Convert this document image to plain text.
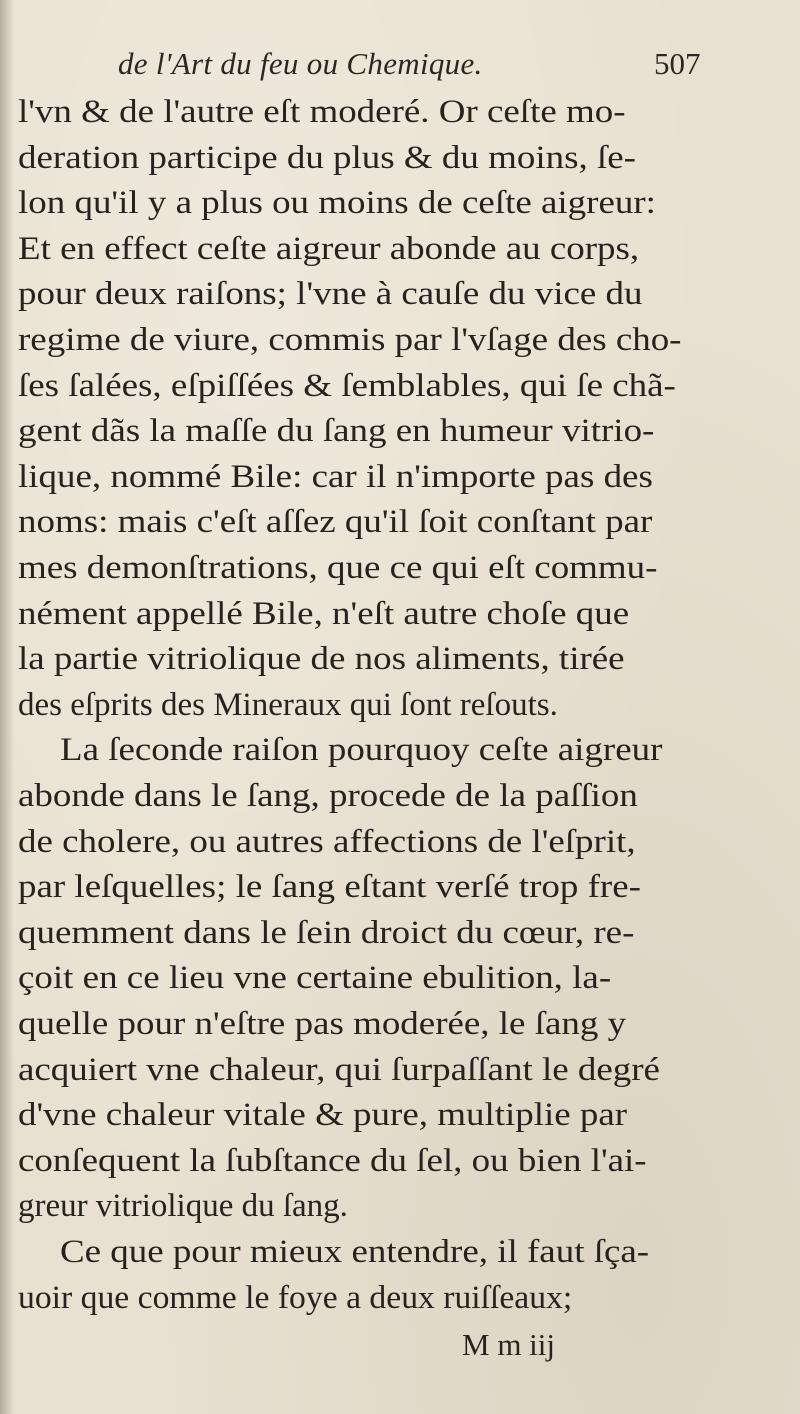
de l'Art du feu ou Chemique.	507
l'vn & de l'autre eſt moderé. Or ceſte mo-
deration participe du plus & du moins, ſe-
lon qu'il y a plus ou moins de ceſte aigreur:
Et en effect ceſte aigreur abonde au corps,
pour deux raiſons; l'vne à cauſe du vice du
regime de viure, commis par l'vſage des cho-
ſes ſalées, eſpiſſées & ſemblables, qui ſe chã-
gent dãs la maſſe du ſang en humeur vitrio-
lique, nommé Bile: car il n'importe pas des
noms: mais c'eſt aſſez qu'il ſoit conſtant par
mes demonſtrations, que ce qui eſt commu-
nément appellé Bile, n'eſt autre choſe que
la partie vitriolique de nos aliments, tirée
des eſprits des Mineraux qui ſont reſouts.
La ſeconde raiſon pourquoy ceſte aigreur
abonde dans le ſang, procede de la paſſion
de cholere, ou autres affections de l'eſprit,
par leſquelles; le ſang eſtant verſé trop fre-
quemment dans le ſein droict du cœur, re-
çoit en ce lieu vne certaine ebulition, la-
quelle pour n'eſtre pas moderée, le ſang y
acquiert vne chaleur, qui ſurpaſſant le degré
d'vne chaleur vitale & pure, multiplie par
conſequent la ſubſtance du ſel, ou bien l'ai-
greur vitriolique du ſang.
Ce que pour mieux entendre, il faut ſça-
uoir que comme le foye a deux ruiſſeaux;
M m iij
